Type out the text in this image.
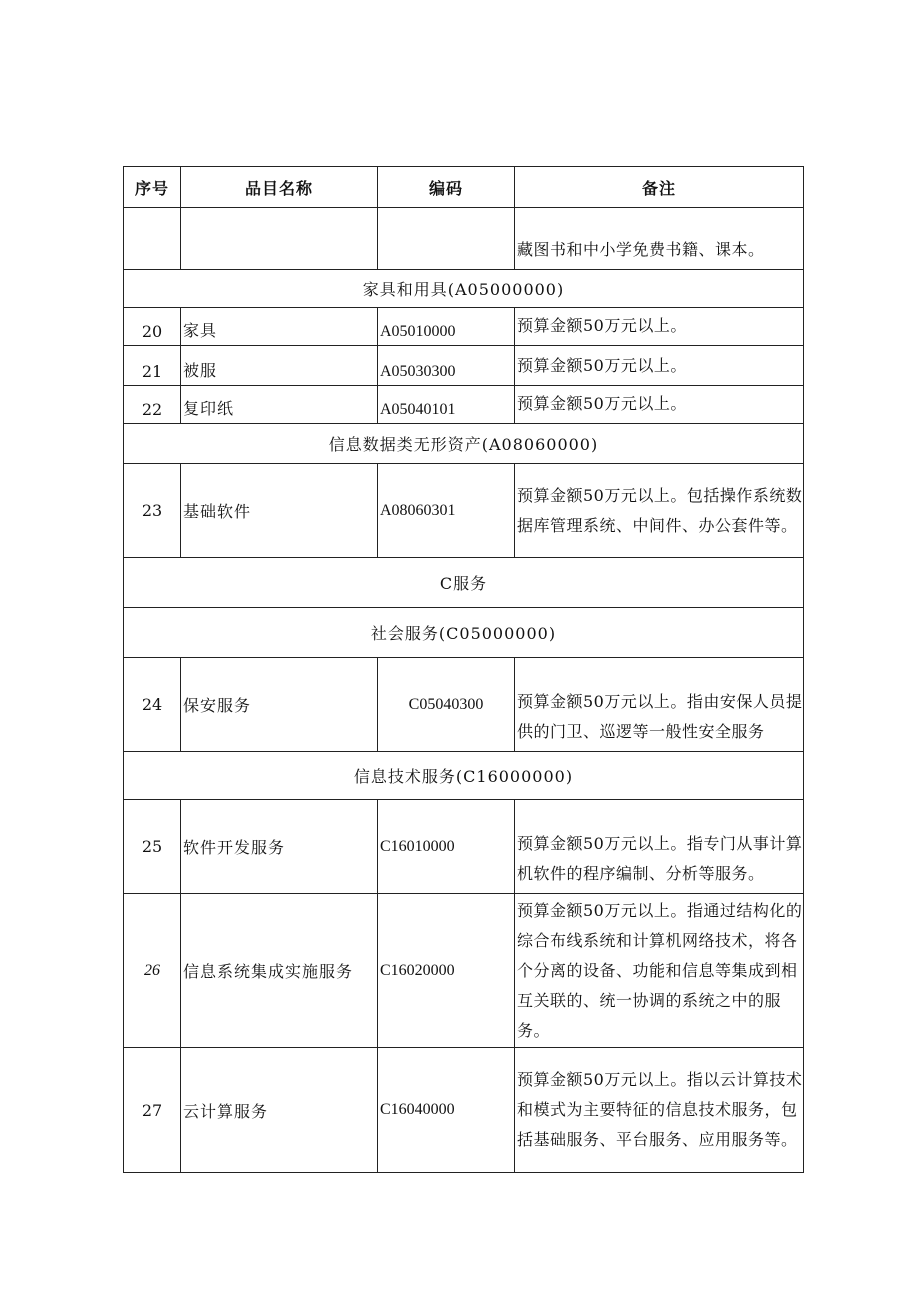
序号	品目名称	编码	备注
			藏图书和中小学免费书籍、课本。
家具和用具(A05000000)			
20	家具	A05010000	预算金额50万元以上。
21	被服	A05030300	预算金额50万元以上。
22	复印纸	A05040101	预算金额50万元以上。
信息数据类无形资产(A08060000)			
23	基础软件	A08060301	预算金额50万元以上。包括操作系统数据库管理系统、中间件、办公套件等。
C服务			
社会服务(C05000000)			
24	保安服务	C05040300	预算金额50万元以上。指由安保人员提供的门卫、巡逻等一般性安全服务
信息技术服务(C16000000)			
25	软件开发服务	C16010000	预算金额50万元以上。指专门从事计算机软件的程序编制、分析等服务。
26	信息系统集成实施服务	C16020000	预算金额50万元以上。指通过结构化的综合布线系统和计算机网络技术，将各个分离的设备、功能和信息等集成到相互关联的、统一协调的系统之中的服务。
27	云计算服务	C16040000	预算金额50万元以上。指以云计算技术和模式为主要特征的信息技术服务，包括基础服务、平台服务、应用服务等。
